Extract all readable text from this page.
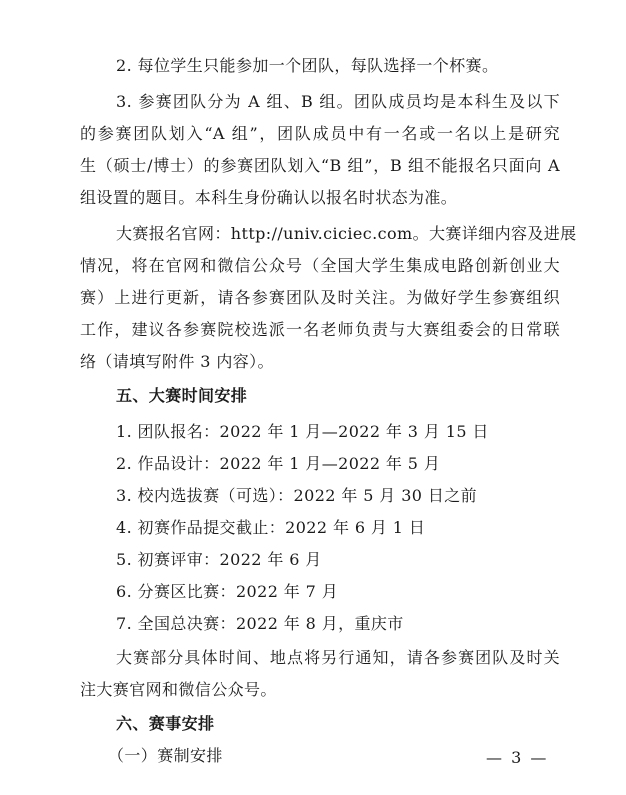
2. 每位学生只能参加一个团队，每队选择一个杯赛。
3. 参赛团队分为 A 组、B 组。团队成员均是本科生及以下
的参赛团队划入“A 组”，团队成员中有一名或一名以上是研究
生（硕士/博士）的参赛团队划入“B 组”，B 组不能报名只面向 A
组设置的题目。本科生身份确认以报名时状态为准。
大赛报名官网：http://univ.ciciec.com。大赛详细内容及进展
情况，将在官网和微信公众号（全国大学生集成电路创新创业大
赛）上进行更新，请各参赛团队及时关注。为做好学生参赛组织
工作，建议各参赛院校选派一名老师负责与大赛组委会的日常联
络（请填写附件 3 内容）。
五、大赛时间安排
1. 团队报名：2022 年 1 月—2022 年 3 月 15 日
2. 作品设计：2022 年 1 月—2022 年 5 月
3. 校内选拔赛（可选）：2022 年 5 月 30 日之前
4. 初赛作品提交截止：2022 年 6 月 1 日
5. 初赛评审：2022 年 6 月
6. 分赛区比赛：2022 年 7 月
7. 全国总决赛：2022 年 8 月，重庆市
大赛部分具体时间、地点将另行通知，请各参赛团队及时关
注大赛官网和微信公众号。
六、赛事安排
（一）赛制安排	— 3 —
